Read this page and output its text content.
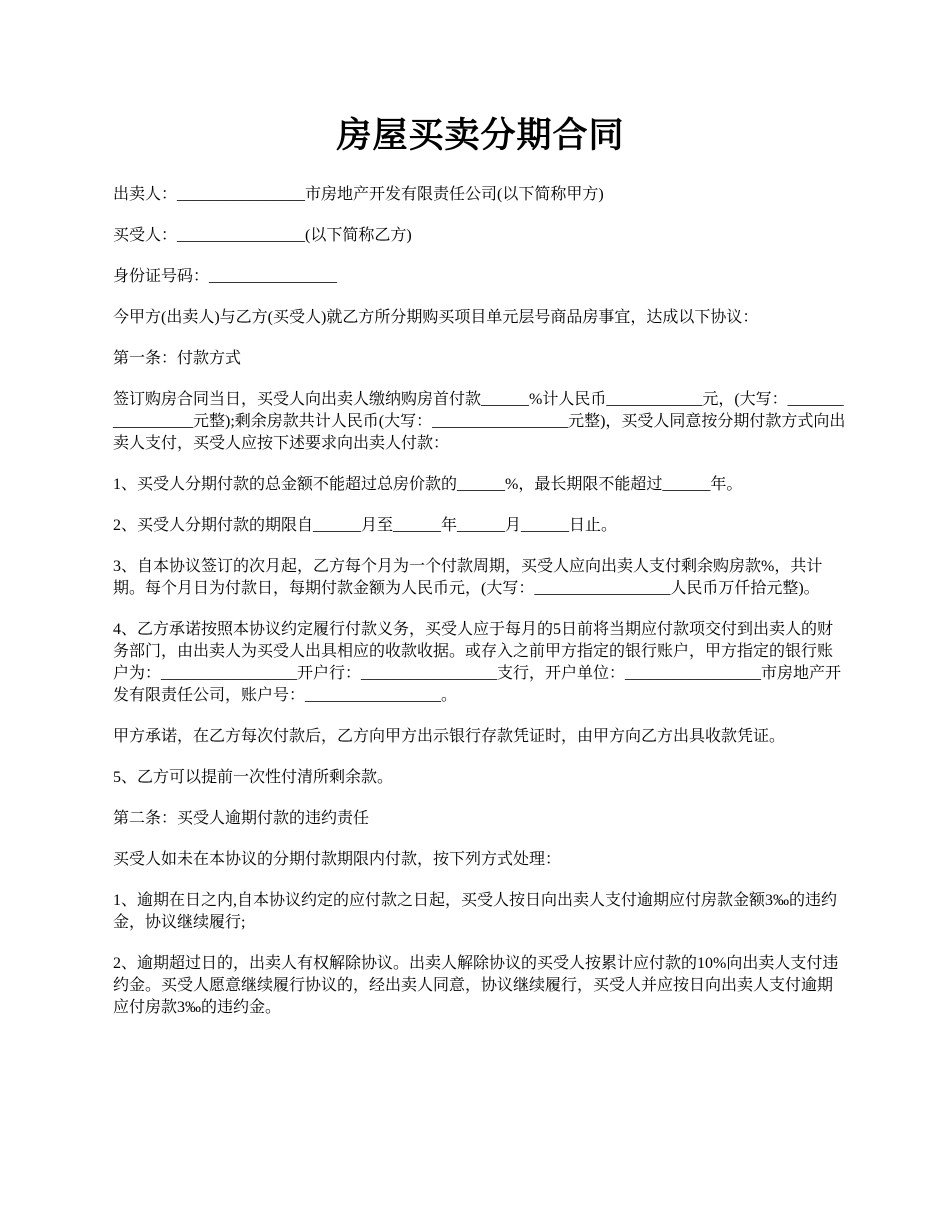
房屋买卖分期合同

出卖人：________________市房地产开发有限责任公司(以下简称甲方)

买受人：________________(以下简称乙方)

身份证号码：________________

今甲方(出卖人)与乙方(买受人)就乙方所分期购买项目单元层号商品房事宜，达成以下协议：

第一条：付款方式

签订购房合同当日，买受人向出卖人缴纳购房首付款______%计人民币____________元，(大写：_________________元整);剩余房款共计人民币(大写：_________________元整)，买受人同意按分期付款方式向出卖人支付，买受人应按下述要求向出卖人付款：

1、买受人分期付款的总金额不能超过总房价款的______%，最长期限不能超过______年。

2、买受人分期付款的期限自______月至______年______月______日止。

3、自本协议签订的次月起，乙方每个月为一个付款周期，买受人应向出卖人支付剩余购房款%，共计期。每个月日为付款日，每期付款金额为人民币元，(大写：_________________人民币万仟拾元整)。

4、乙方承诺按照本协议约定履行付款义务，买受人应于每月的5日前将当期应付款项交付到出卖人的财务部门，由出卖人为买受人出具相应的收款收据。或存入之前甲方指定的银行账户，甲方指定的银行账户为：_________________开户行：_________________支行，开户单位：_________________市房地产开发有限责任公司，账户号：_________________。

甲方承诺，在乙方每次付款后，乙方向甲方出示银行存款凭证时，由甲方向乙方出具收款凭证。

5、乙方可以提前一次性付清所剩余款。

第二条：买受人逾期付款的违约责任

买受人如未在本协议的分期付款期限内付款，按下列方式处理：

1、逾期在日之内,自本协议约定的应付款之日起，买受人按日向出卖人支付逾期应付房款金额3‰的违约金，协议继续履行;

2、逾期超过日的，出卖人有权解除协议。出卖人解除协议的买受人按累计应付款的10%向出卖人支付违约金。买受人愿意继续履行协议的，经出卖人同意，协议继续履行，买受人并应按日向出卖人支付逾期应付房款3‰的违约金。
